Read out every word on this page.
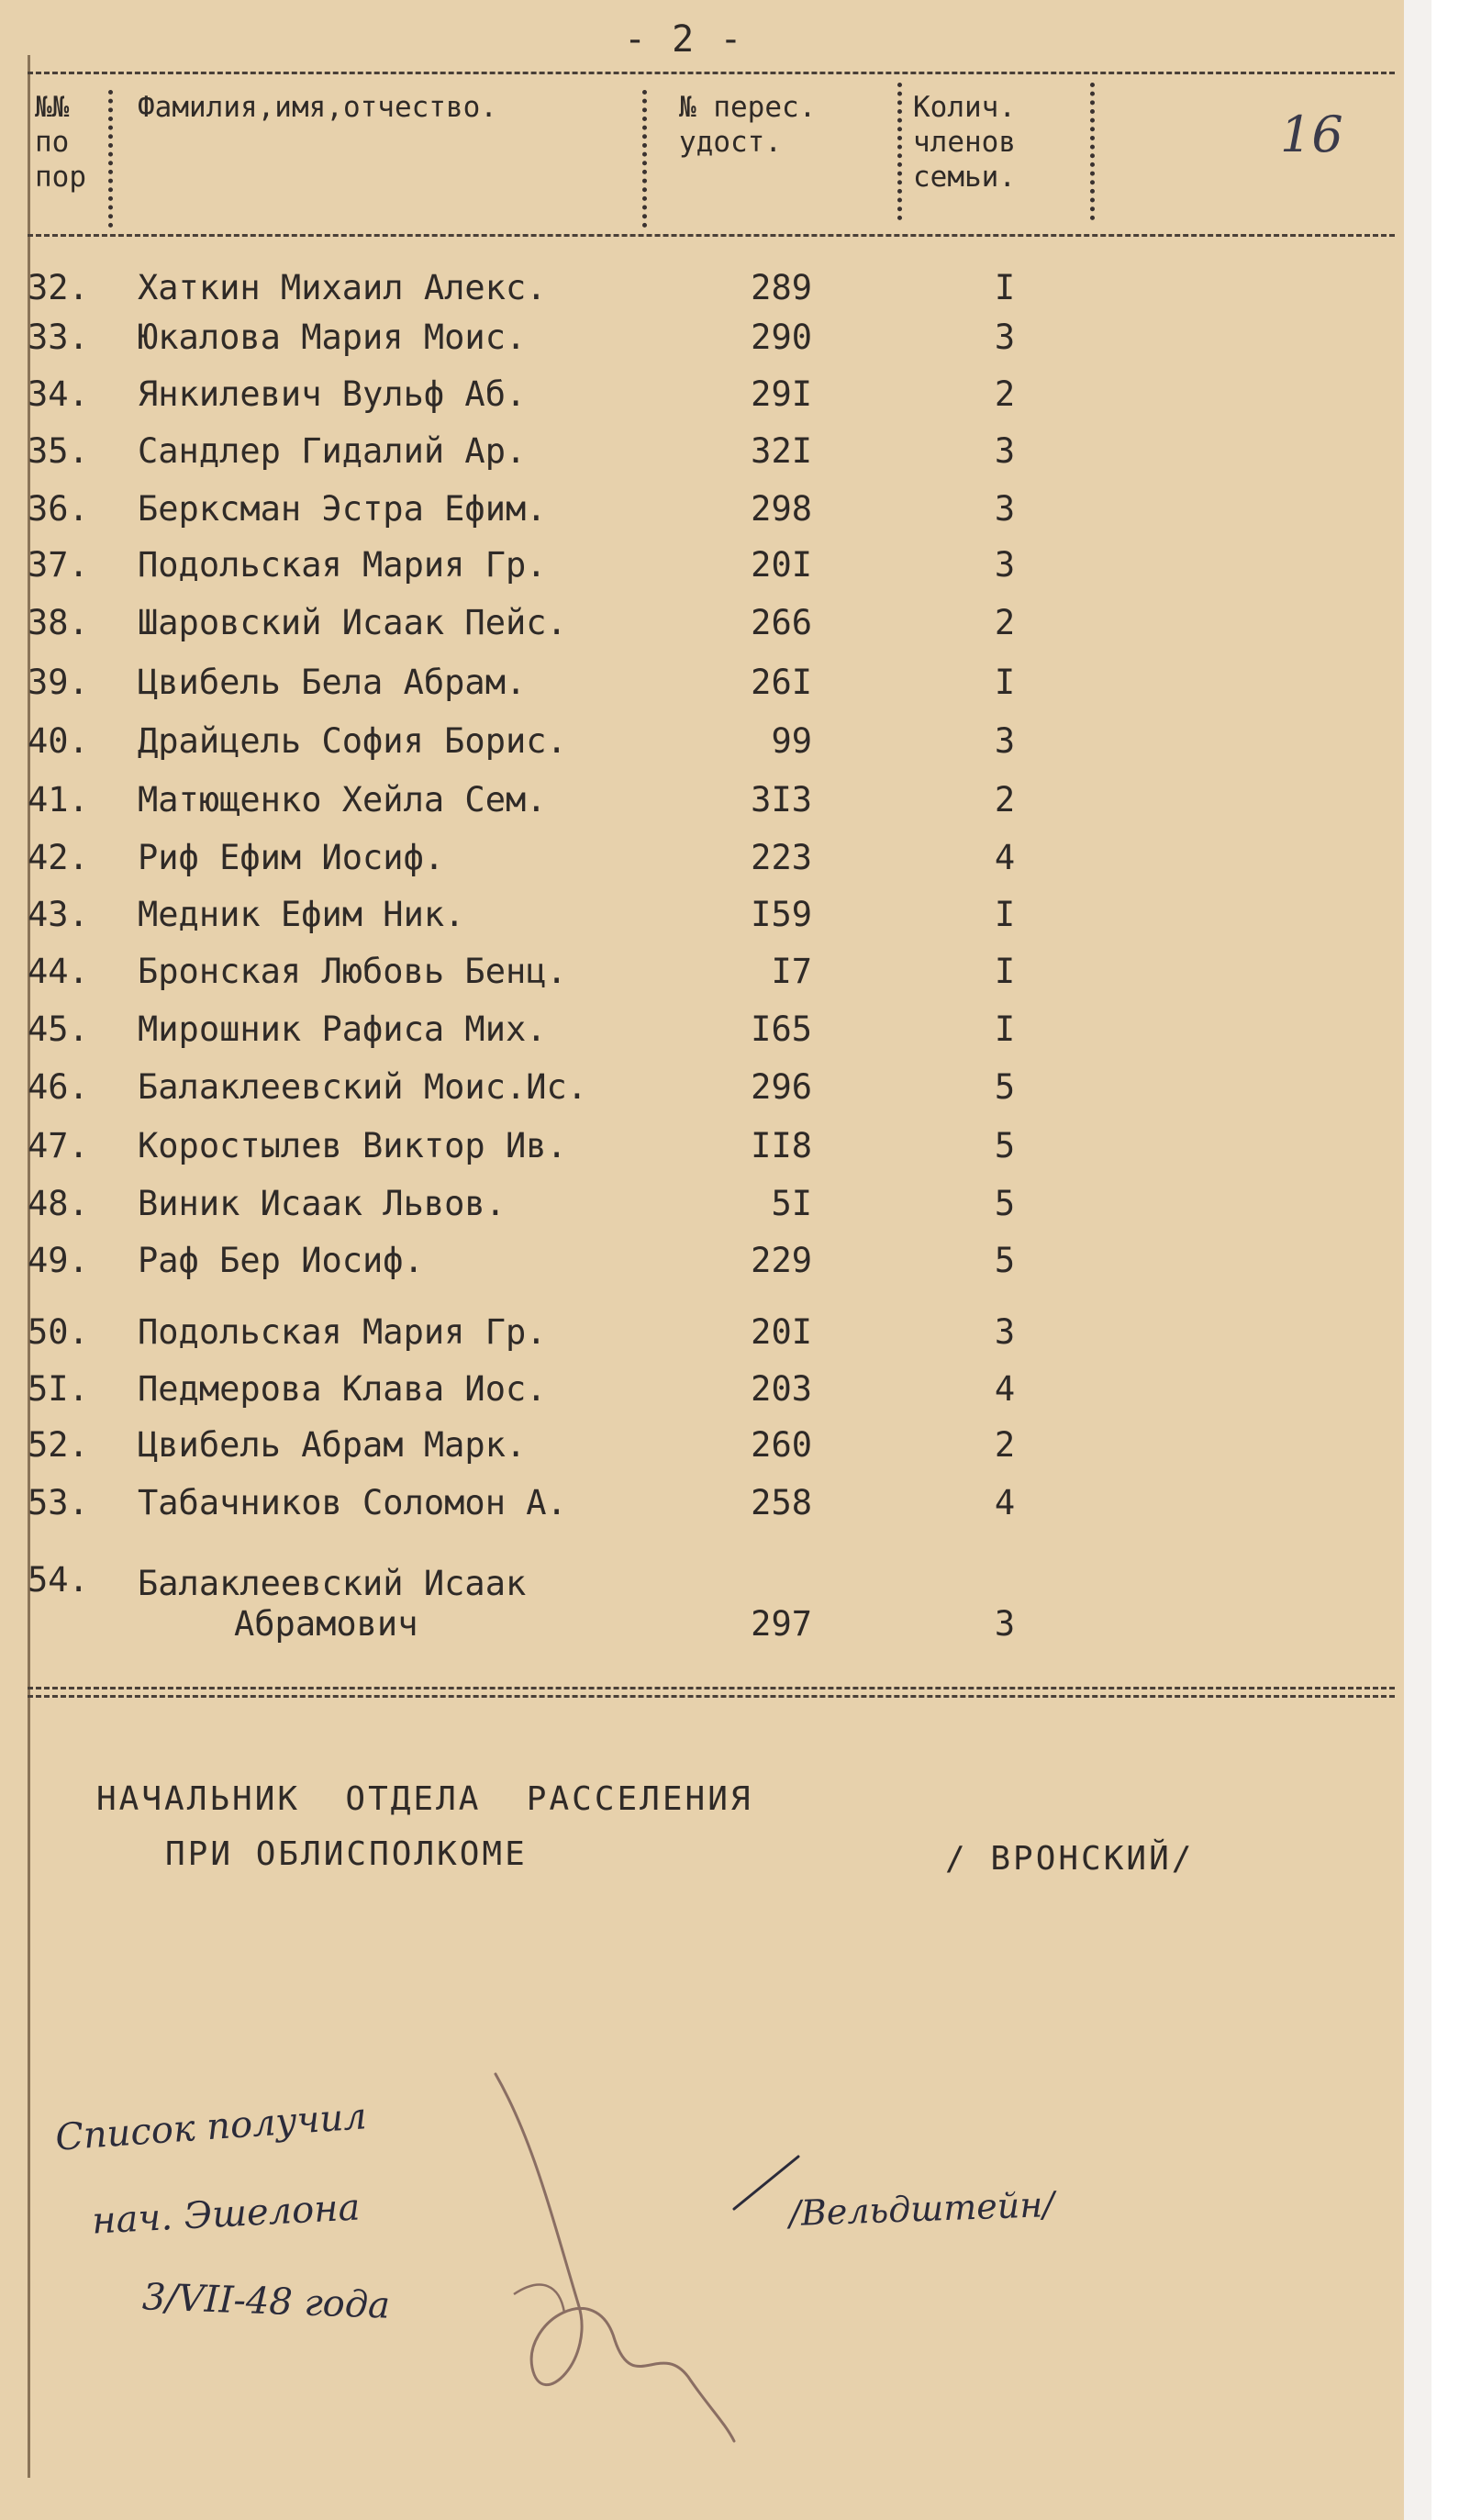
- 2 -
16
№№
по
пор
Фамилия,имя,отчество.	№ перес.
удост.
Колич.
членов
семьи.
32. Хаткин Михаил Алекс.	289	I
33. Юкалова Мария Моис.	290	3
34. Янкилевич Вульф Аб.	29I	2
35. Сандлер Гидалий Ар.	32I	3
36. Берксман Эстра Ефим.	298	3
37. Подольская Мария Гр.	20I	3
38. Шаровский Исаак Пейс.	266	2
39. Цвибель Бела Абрам.	26I	I
40. Драйцель София Борис.	99	3
41. Матющенко Хейла Сем.	3I3	2
42. Риф Ефим Иосиф.	223	4
43. Медник Ефим Ник.	I59	I
44. Бронская Любовь Бенц.	I7	I
45. Мирошник Рафиса Мих.	I65	I
46. Балаклеевский Моис.Ис.	296	5
47. Коростылев Виктор Ив.	II8	5
48. Виник Исаак Львов.	5I	5
49. Раф Бер Иосиф.	229	5
50. Подольская Мария Гр.	20I	3
5I. Педмерова Клава Иос.	203	4
52. Цвибель Абрам Марк.	260	2
53. Табачников Соломон А.	258	4
54. Балаклеевский Исаак
Абрамович	297	3
НАЧАЛЬНИК  ОТДЕЛА  РАССЕЛЕНИЯ
ПРИ ОБЛИСПОЛКОМЕ	/ ВРОНСКИЙ/
Список получил
нач. Эшелона
3/VII-48 года
/Вельдштейн/
